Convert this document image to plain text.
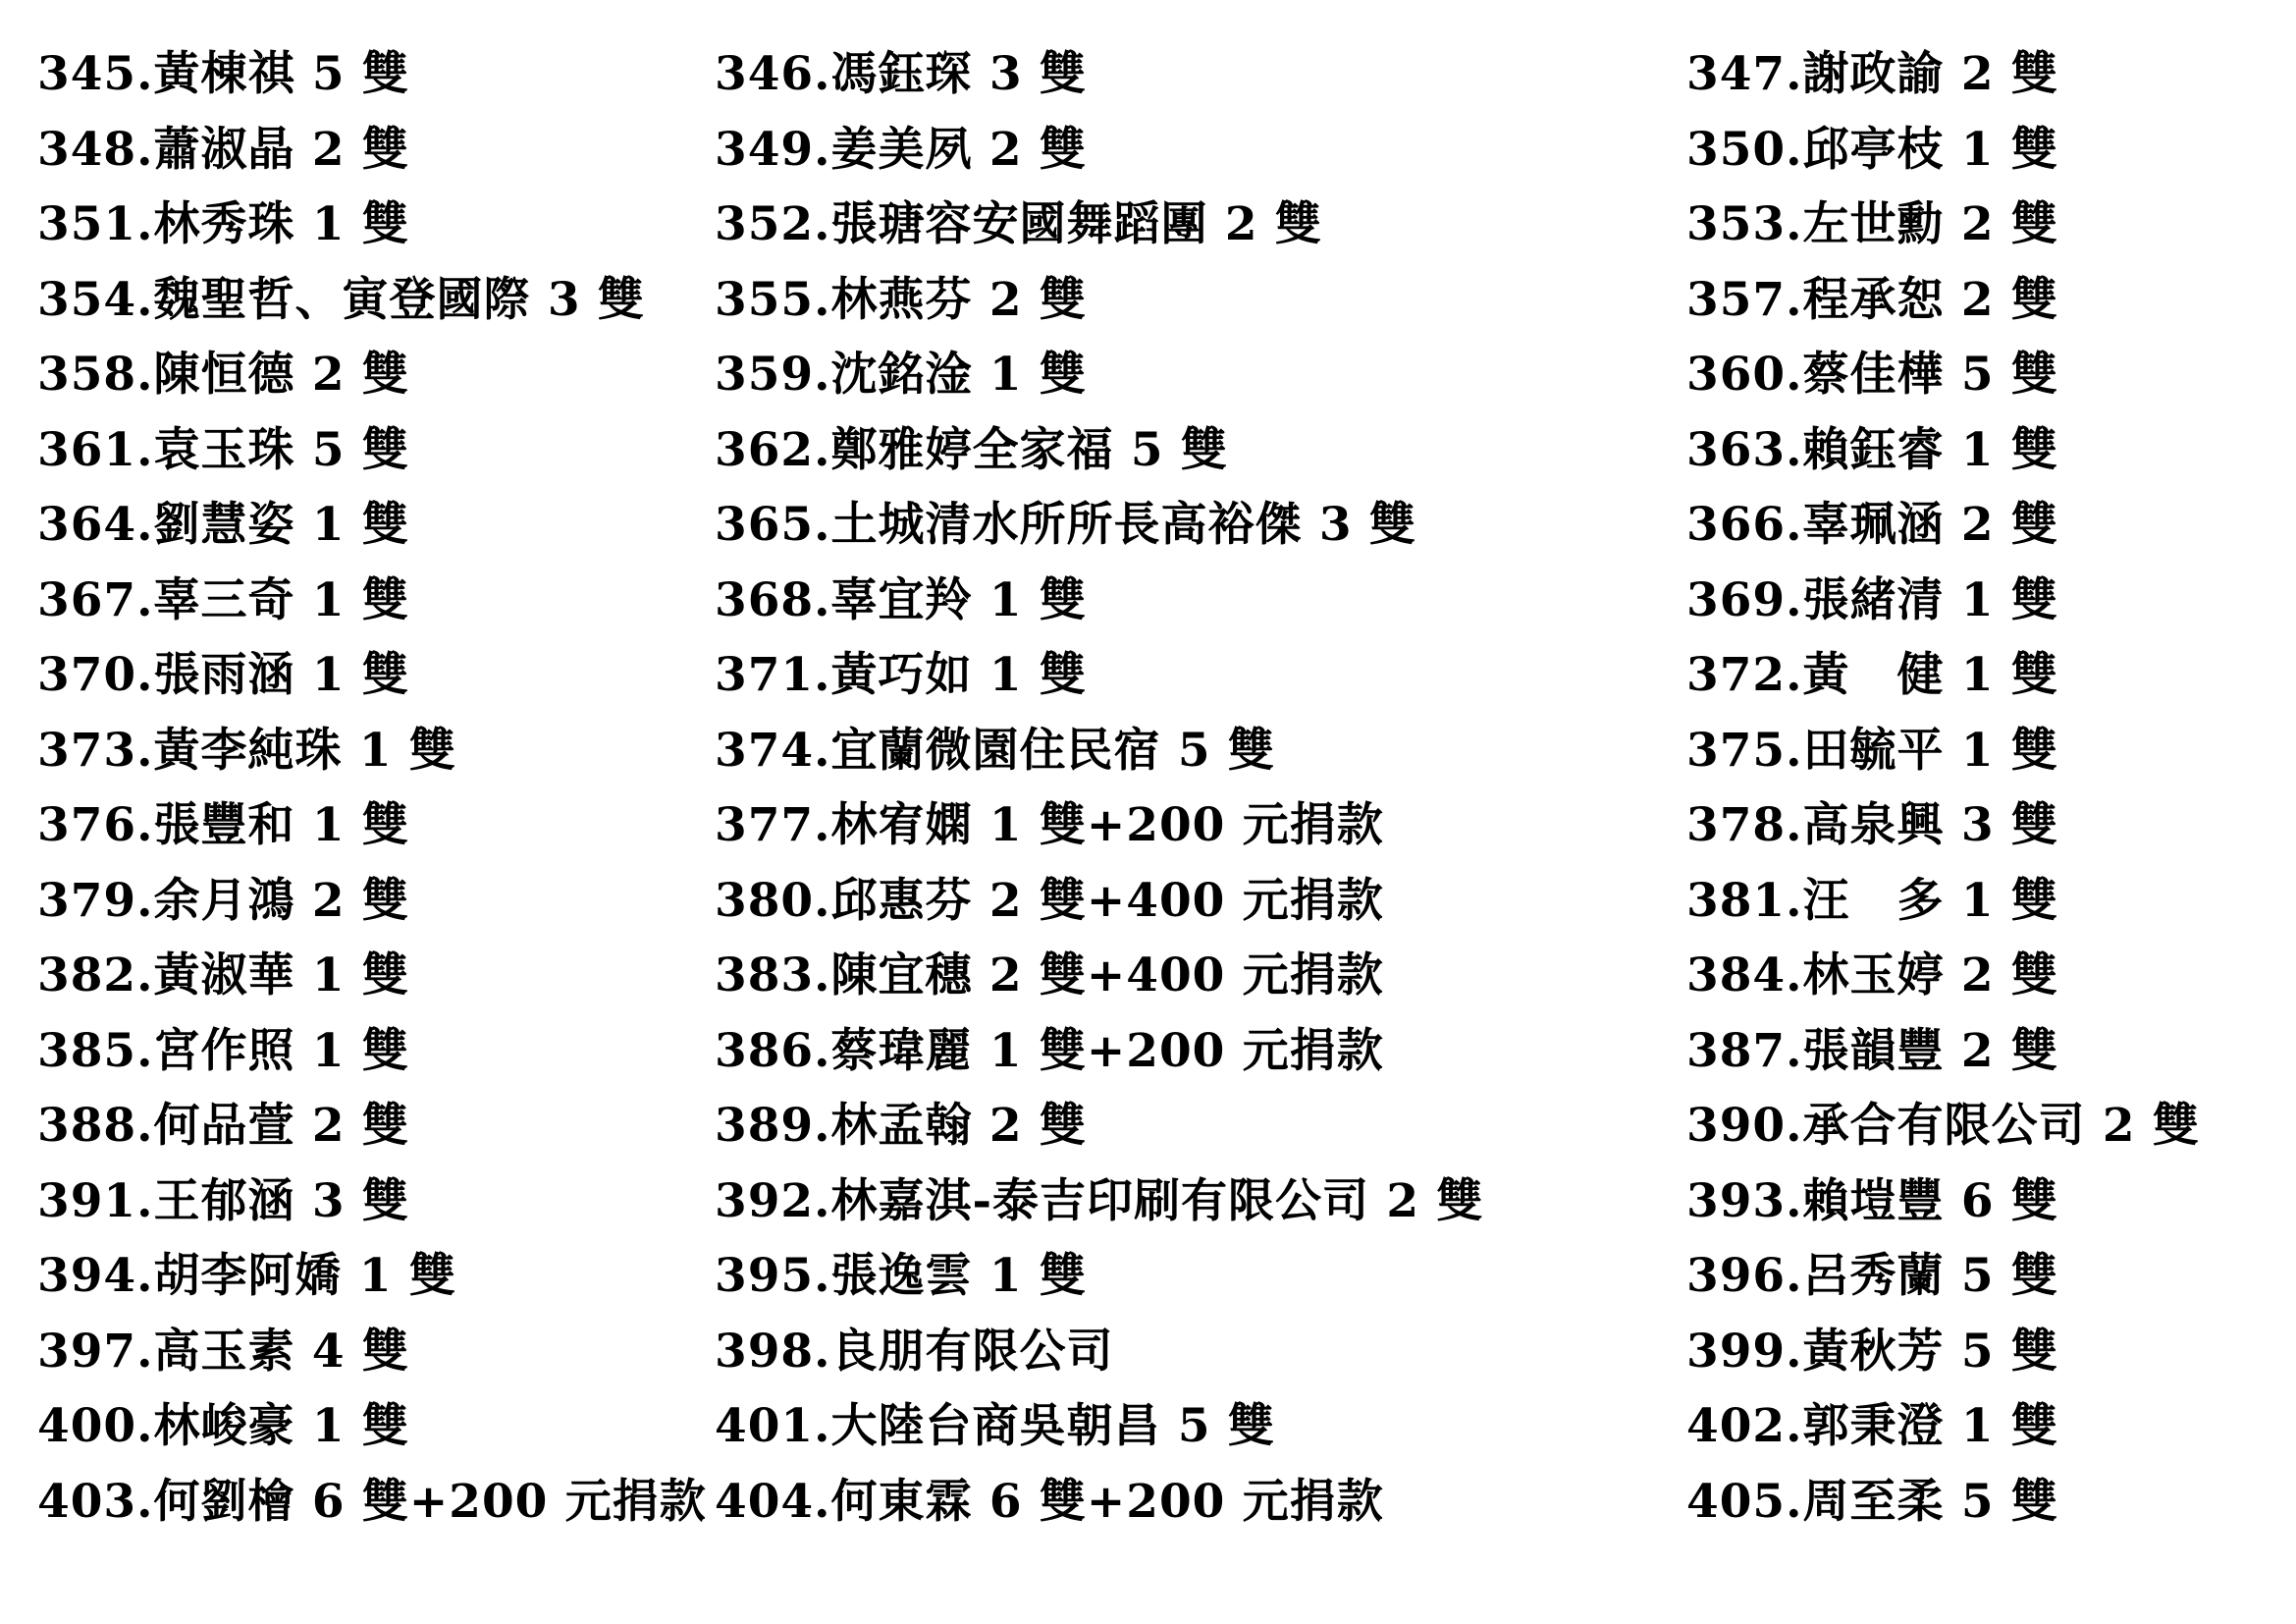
345.黃棟祺 5 雙	346.馮鈺琛 3 雙	347.謝政諭 2 雙
348.蕭淑晶 2 雙	349.姜美夙 2 雙	350.邱亭枝 1 雙
351.林秀珠 1 雙	352.張瑭容安國舞蹈團 2 雙	353.左世勳 2 雙
354.魏聖哲、寅登國際 3 雙 355.林燕芬 2 雙	357.程承恕 2 雙
358.陳恒德 2 雙	359.沈銘淦 1 雙	360.蔡佳樺 5 雙
361.袁玉珠 5 雙	362.鄭雅婷全家福 5 雙	363.賴鈺睿 1 雙
364.劉慧姿 1 雙	365.土城清水所所長高裕傑 3 雙	366.辜珮涵 2 雙
367.辜三奇 1 雙	368.辜宜羚 1 雙	369.張緒清 1 雙
370.張雨涵 1 雙	371.黃巧如 1 雙	372.黃　健 1 雙
373.黃李純珠 1 雙	374.宜蘭微園住民宿 5 雙	375.田毓平 1 雙
376.張豐和 1 雙	377.林宥嫻 1 雙+200 元捐款	378.高泉興 3 雙
379.余月鴻 2 雙	380.邱惠芬 2 雙+400 元捐款	381.汪　多 1 雙
382.黃淑華 1 雙	383.陳宜穗 2 雙+400 元捐款	384.林玉婷 2 雙
385.宮作照 1 雙	386.蔡瑋麗 1 雙+200 元捐款	387.張韻豐 2 雙
388.何品萱 2 雙	389.林孟翰 2 雙	390.承合有限公司 2 雙
391.王郁涵 3 雙	392.林嘉淇-泰吉印刷有限公司 2 雙	393.賴塏豐 6 雙
394.胡李阿嬌 1 雙	395.張逸雲 1 雙	396.呂秀蘭 5 雙
397.高玉素 4 雙	398.良朋有限公司	399.黃秋芳 5 雙
400.林峻豪 1 雙	401.大陸台商吳朝昌 5 雙	402.郭秉澄 1 雙
403.何劉檜 6 雙+200 元捐款 404.何東霖 6 雙+200 元捐款	405.周至柔 5 雙
